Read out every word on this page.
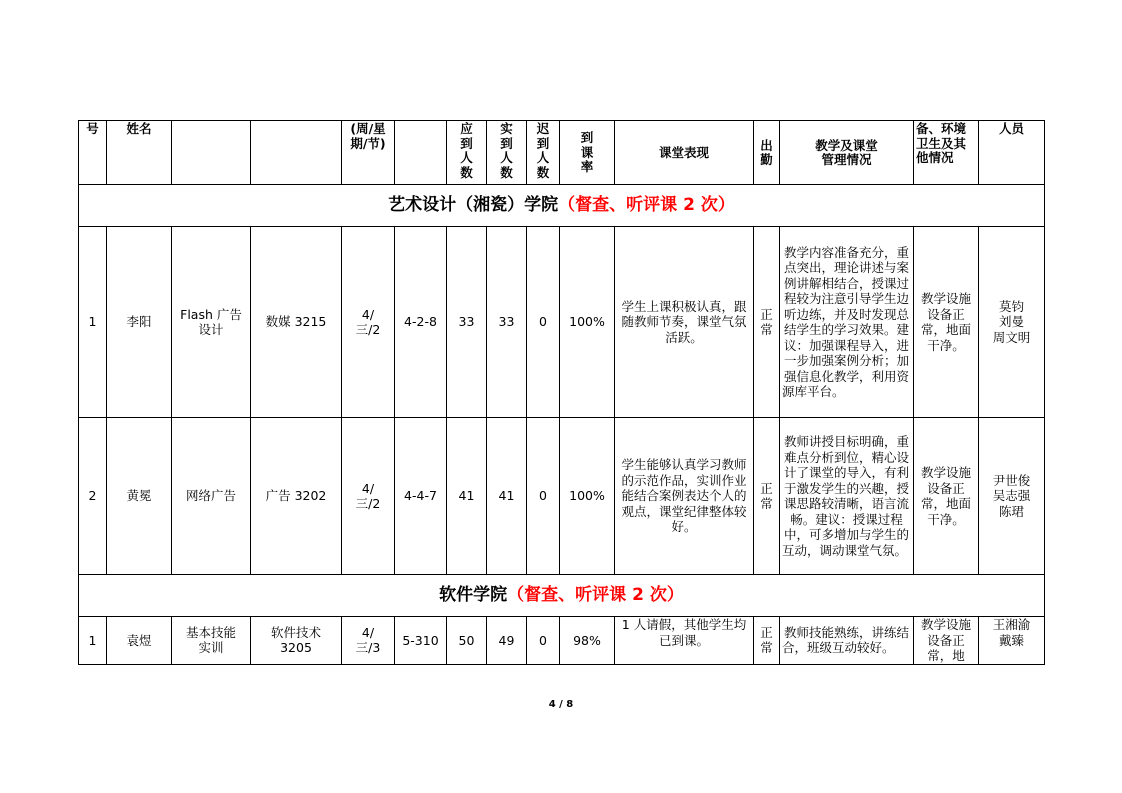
号	姓名			(周/星期/节)		应到人数	实到人数	迟到人数	到课率	课堂表现	出勤	教学及课堂管理情况	备、环境卫生及其他情况	人员
艺术设计（湘瓷）学院（督查、听评课 2 次）														
1	李阳	Flash 广告设计	数媒 3215	4/三/2	4-2-8	33	33	0	100%	学生上课积极认真，跟随教师节奏，课堂气氛活跃。	正常	教学内容准备充分，重点突出，理论讲述与案例讲解相结合，授课过程较为注意引导学生边听边练，并及时发现总结学生的学习效果。建议：加强课程导入，进一步加强案例分析；加强信息化教学，利用资源库平台。	教学设施设备正常，地面干净。	莫钧
刘曼
周文明

2	黄冕	网络广告	广告 3202	4/三/2	4-4-7	41	41	0	100%	学生能够认真学习教师的示范作品，实训作业能结合案例表达个人的观点，课堂纪律整体较好。	正常	教师讲授目标明确，重难点分析到位，精心设计了课堂的导入，有利于激发学生的兴趣，授课思路较清晰，语言流畅。建议：授课过程中，可多增加与学生的互动，调动课堂气氛。	教学设施设备正常，地面干净。	尹世俊
吴志强
陈珺

软件学院（督查、听评课 2 次）														
1	袁煜	基本技能实训	软件技术 3205	4/三/3	5-310	50	49	0	98%	1 人请假，其他学生均已到课。	正常	教师技能熟练，讲练结合，班级互动较好。	教学设施设备正常，地	王湘渝
戴臻
4 / 8
